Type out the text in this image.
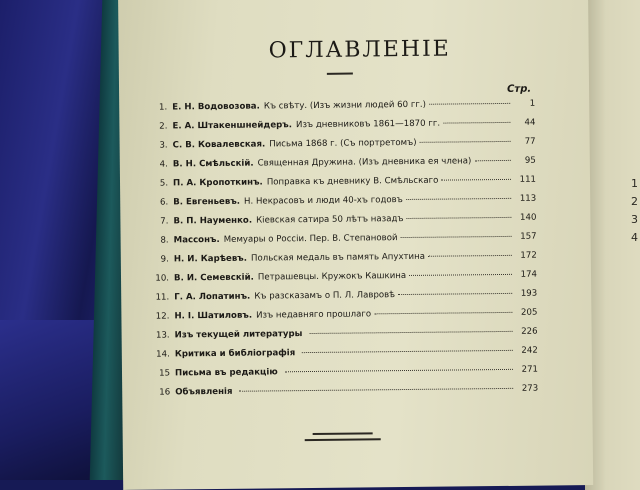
1
2
3
4
ОГЛАВЛЕНIЕ
Стр.
1. Е. Н. Водовозова. Къ свѣту. (Изъ жизни людей 60 гг.)	1
2. Е. А. Штакеншнейдеръ. Изъ дневниковъ 1861—1870 гг.	44
3. С. В. Ковалевская. Письма 1868 г. (Съ портретомъ)	77
4. В. Н. Смѣльскій. Священная Дружина. (Изъ дневника ея члена)	95
5. П. А. Кропоткинъ. Поправка къ дневнику В. Смѣльскаго	111
6. В. Евгеньевъ. Н. Некрасовъ и люди 40-хъ годовъ	113
7. В. П. Науменко. Кіевская сатира 50 лѣтъ назадъ	140
8. Массонъ. Мемуары о Россіи. Пер. В. Степановой	157
9. Н. И. Карѣевъ. Польская медаль въ память Апухтина	172
10. В. И. Семевскій. Петрашевцы. Кружокъ Кашкина	174
11. Г. А. Лопатинъ. Къ разсказамъ о П. Л. Лавровѣ	193
12. Н. І. Шатиловъ. Изъ недавняго прошлаго	205
13. Изъ текущей литературы	226
14. Критика и библіографія	242
15 Письма въ редакцію	271
16 Объявленія	273
